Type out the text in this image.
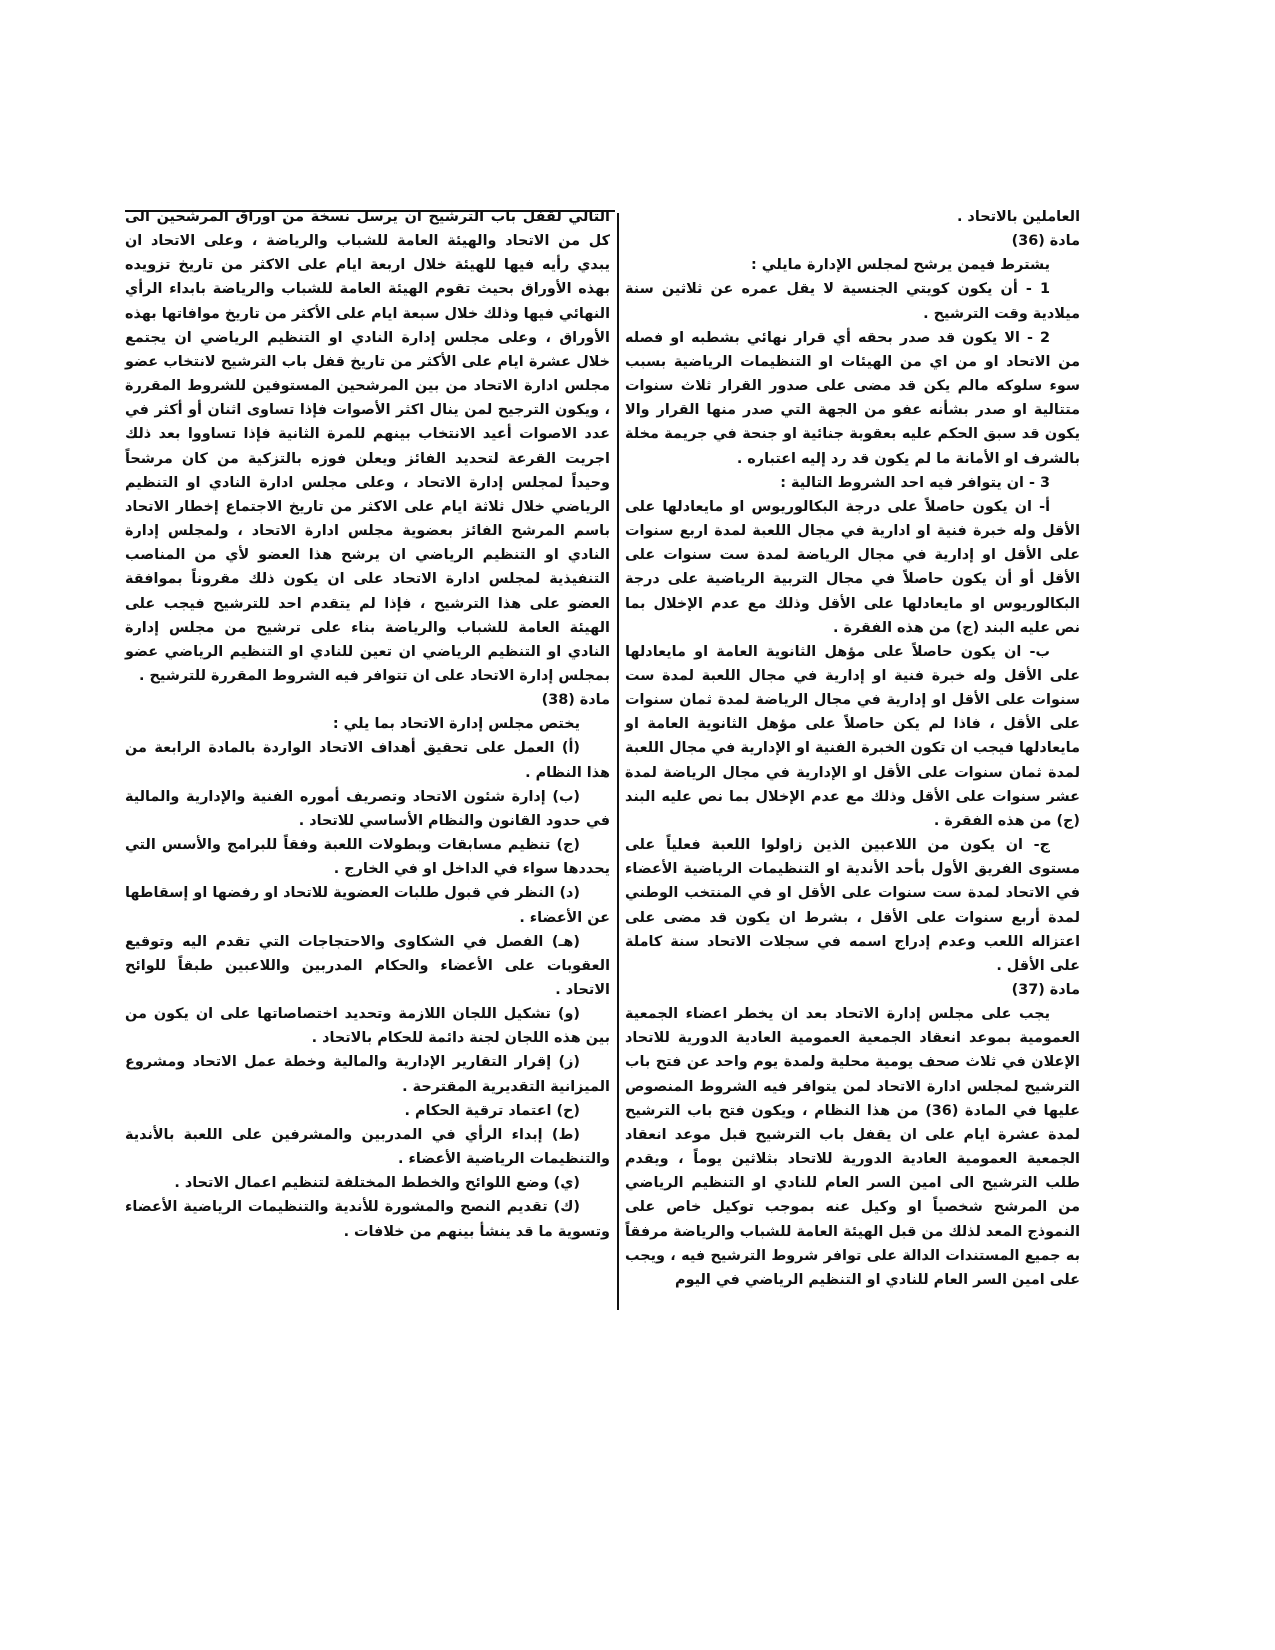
العاملين بالاتحاد .

مادة (36)

يشترط فيمن يرشح لمجلس الإدارة مايلي :

1 - أن يكون كويتي الجنسية لا يقل عمره عن ثلاثين سنة ميلادية وقت الترشيح .

2 - الا يكون قد صدر بحقه أي قرار نهائي بشطبه او فصله من الاتحاد او من اي من الهيئات او التنظيمات الرياضية بسبب سوء سلوكه مالم يكن قد مضى على صدور القرار ثلاث سنوات متتالية او صدر بشأنه عفو من الجهة التي صدر منها القرار والا يكون قد سبق الحكم عليه بعقوبة جنائية او جنحة في جريمة مخلة بالشرف او الأمانة ما لم يكون قد رد إليه اعتباره .

3 - ان يتوافر فيه احد الشروط التالية :

أ- ان يكون حاصلاً على درجة البكالوريوس او مايعادلها على الأقل وله خبرة فنية او ادارية في مجال اللعبة لمدة اربع سنوات على الأقل او إدارية في مجال الرياضة لمدة ست سنوات على الأقل أو أن يكون حاصلاً في مجال التربية الرياضية على درجة البكالوريوس او مايعادلها على الأقل وذلك مع عدم الإخلال بما نص عليه البند (ج) من هذه الفقرة .

ب- ان يكون حاصلاً على مؤهل الثانوية العامة او مايعادلها على الأقل وله خبرة فنية او إدارية في مجال اللعبة لمدة ست سنوات على الأقل او إدارية في مجال الرياضة لمدة ثمان سنوات على الأقل ، فاذا لم يكن حاصلاً على مؤهل الثانوية العامة او مايعادلها فيجب ان تكون الخبرة الفنية او الإدارية في مجال اللعبة لمدة ثمان سنوات على الأقل او الإدارية في مجال الرياضة لمدة عشر سنوات على الأقل وذلك مع عدم الإخلال بما نص عليه البند (ج) من هذه الفقرة .

ج- ان يكون من اللاعبين الذين زاولوا اللعبة فعلياً على مستوى الفريق الأول بأحد الأندية او التنظيمات الرياضية الأعضاء في الاتحاد لمدة ست سنوات على الأقل او في المنتخب الوطني لمدة أربع سنوات على الأقل ، بشرط ان يكون قد مضى على اعتزاله اللعب وعدم إدراج اسمه في سجلات الاتحاد سنة كاملة على الأقل .

مادة (37)

يجب على مجلس إدارة الاتحاد بعد ان يخطر اعضاء الجمعية العمومية بموعد انعقاد الجمعية العمومية العادية الدورية للاتحاد الإعلان في ثلاث صحف يومية محلية ولمدة يوم واحد عن فتح باب الترشيح لمجلس ادارة الاتحاد لمن يتوافر فيه الشروط المنصوص عليها في المادة (36) من هذا النظام ، ويكون فتح باب الترشيح لمدة عشرة ايام على ان يقفل باب الترشيح قبل موعد انعقاد الجمعية العمومية العادية الدورية للاتحاد بثلاثين يوماً ، ويقدم طلب الترشيح الى امين السر العام للنادي او التنظيم الرياضي من المرشح شخصياً او وكيل عنه بموجب توكيل خاص على النموذج المعد لذلك من قبل الهيئة العامة للشباب والرياضة مرفقاً به جميع المستندات الدالة على توافر شروط الترشيح فيه ، ويجب على امين السر العام للنادي او التنظيم الرياضي في اليوم

التالي لقفل باب الترشيح ان يرسل نسخة من اوراق المرشحين الى كل من الاتحاد والهيئة العامة للشباب والرياضة ، وعلى الاتحاد ان يبدي رأيه فيها للهيئة خلال اربعة ايام على الاكثر من تاريخ تزويده بهذه الأوراق بحيث تقوم الهيئة العامة للشباب والرياضة بابداء الرأي النهائي فيها وذلك خلال سبعة ايام على الأكثر من تاريخ موافاتها بهذه الأوراق ، وعلى مجلس إدارة النادي او التنظيم الرياضي ان يجتمع خلال عشرة ايام على الأكثر من تاريخ قفل باب الترشيح لانتخاب عضو مجلس ادارة الاتحاد من بين المرشحين المستوفين للشروط المقررة ، ويكون الترجيح لمن ينال اكثر الأصوات فإذا تساوى اثنان أو أكثر في عدد الاصوات أعيد الانتخاب بينهم للمرة الثانية فإذا تساووا بعد ذلك اجريت القرعة لتحديد الفائز ويعلن فوزه بالتزكية من كان مرشحاً وحيداً لمجلس إدارة الاتحاد ، وعلى مجلس ادارة النادي او التنظيم الرياضي خلال ثلاثة ايام على الاكثر من تاريخ الاجتماع إخطار الاتحاد باسم المرشح الفائز بعضوية مجلس ادارة الاتحاد ، ولمجلس إدارة النادي او التنظيم الرياضي ان يرشح هذا العضو لأي من المناصب التنفيذية لمجلس ادارة الاتحاد على ان يكون ذلك مقروناً بموافقة العضو على هذا الترشيح ، فإذا لم يتقدم احد للترشيح فيجب على الهيئة العامة للشباب والرياضة بناء على ترشيح من مجلس إدارة النادي او التنظيم الرياضي ان تعين للنادي او التنظيم الرياضي عضو بمجلس إدارة الاتحاد على ان تتوافر فيه الشروط المقررة للترشيح .

مادة (38)

يختص مجلس إدارة الاتحاد بما يلي :

(أ) العمل على تحقيق أهداف الاتحاد الواردة بالمادة الرابعة من هذا النظام .

(ب) إدارة شئون الاتحاد وتصريف أموره الفنية والإدارية والمالية في حدود القانون والنظام الأساسي للاتحاد .

(ج) تنظيم مسابقات وبطولات اللعبة وفقاً للبرامج والأسس التي يحددها سواء في الداخل او في الخارج .

(د) النظر في قبول طلبات العضوية للاتحاد او رفضها او إسقاطها عن الأعضاء .

(هـ) الفصل في الشكاوى والاحتجاجات التي تقدم اليه وتوقيع العقوبات على الأعضاء والحكام المدربين واللاعبين طبقاً للوائح الاتحاد .

(و) تشكيل اللجان اللازمة وتحديد اختصاصاتها على ان يكون من بين هذه اللجان لجنة دائمة للحكام بالاتحاد .

(ز) إقرار التقارير الإدارية والمالية وخطة عمل الاتحاد ومشروع الميزانية التقديرية المقترحة .

(ح) اعتماد ترقية الحكام .

(ط) إبداء الرأي في المدربين والمشرفين على اللعبة بالأندية والتنظيمات الرياضية الأعضاء .

(ي) وضع اللوائح والخطط المختلفة لتنظيم اعمال الاتحاد .

(ك) تقديم النصح والمشورة للأندية والتنظيمات الرياضية الأعضاء وتسوية ما قد ينشأ بينهم من خلافات .
